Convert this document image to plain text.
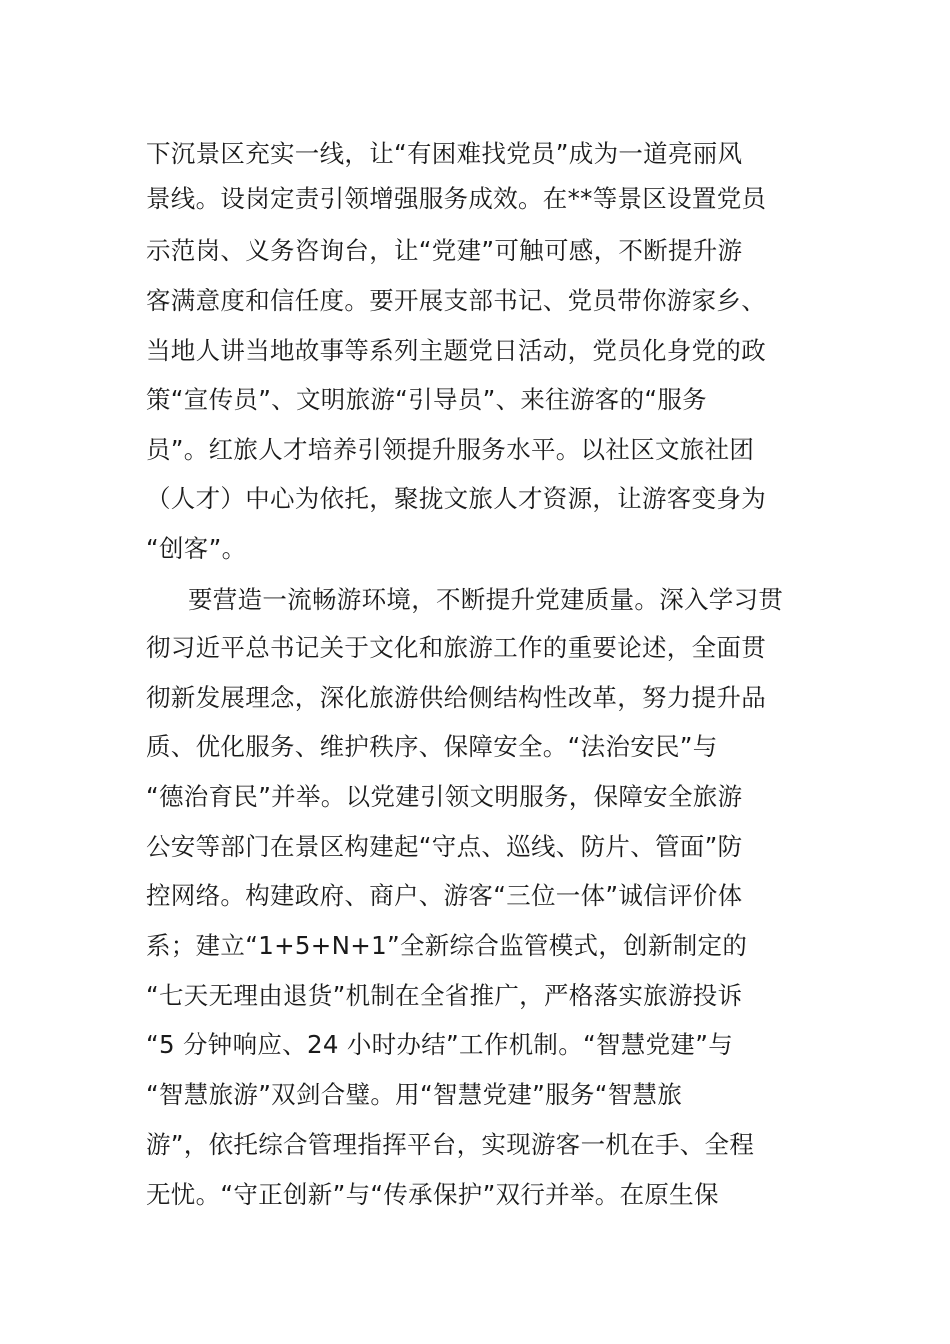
下沉景区充实一线，让“有困难找党员”成为一道亮丽风
景线。设岗定责引领增强服务成效。在**等景区设置党员
示范岗、义务咨询台，让“党建”可触可感，不断提升游
客满意度和信任度。要开展支部书记、党员带你游家乡、
当地人讲当地故事等系列主题党日活动，党员化身党的政
策“宣传员”、文明旅游“引导员”、来往游客的“服务
员”。红旅人才培养引领提升服务水平。以社区文旅社团
（人才）中心为依托，聚拢文旅人才资源，让游客变身为
“创客”。
要营造一流畅游环境，不断提升党建质量。深入学习贯
彻习近平总书记关于文化和旅游工作的重要论述，全面贯
彻新发展理念，深化旅游供给侧结构性改革，努力提升品
质、优化服务、维护秩序、保障安全。“法治安民”与
“德治育民”并举。以党建引领文明服务，保障安全旅游
公安等部门在景区构建起“守点、巡线、防片、管面”防
控网络。构建政府、商户、游客“三位一体”诚信评价体
系；建立“1+5+N+1”全新综合监管模式，创新制定的
“七天无理由退货”机制在全省推广，严格落实旅游投诉
“5 分钟响应、24 小时办结”工作机制。“智慧党建”与
“智慧旅游”双剑合璧。用“智慧党建”服务“智慧旅
游”，依托综合管理指挥平台，实现游客一机在手、全程
无忧。“守正创新”与“传承保护”双行并举。在原生保
